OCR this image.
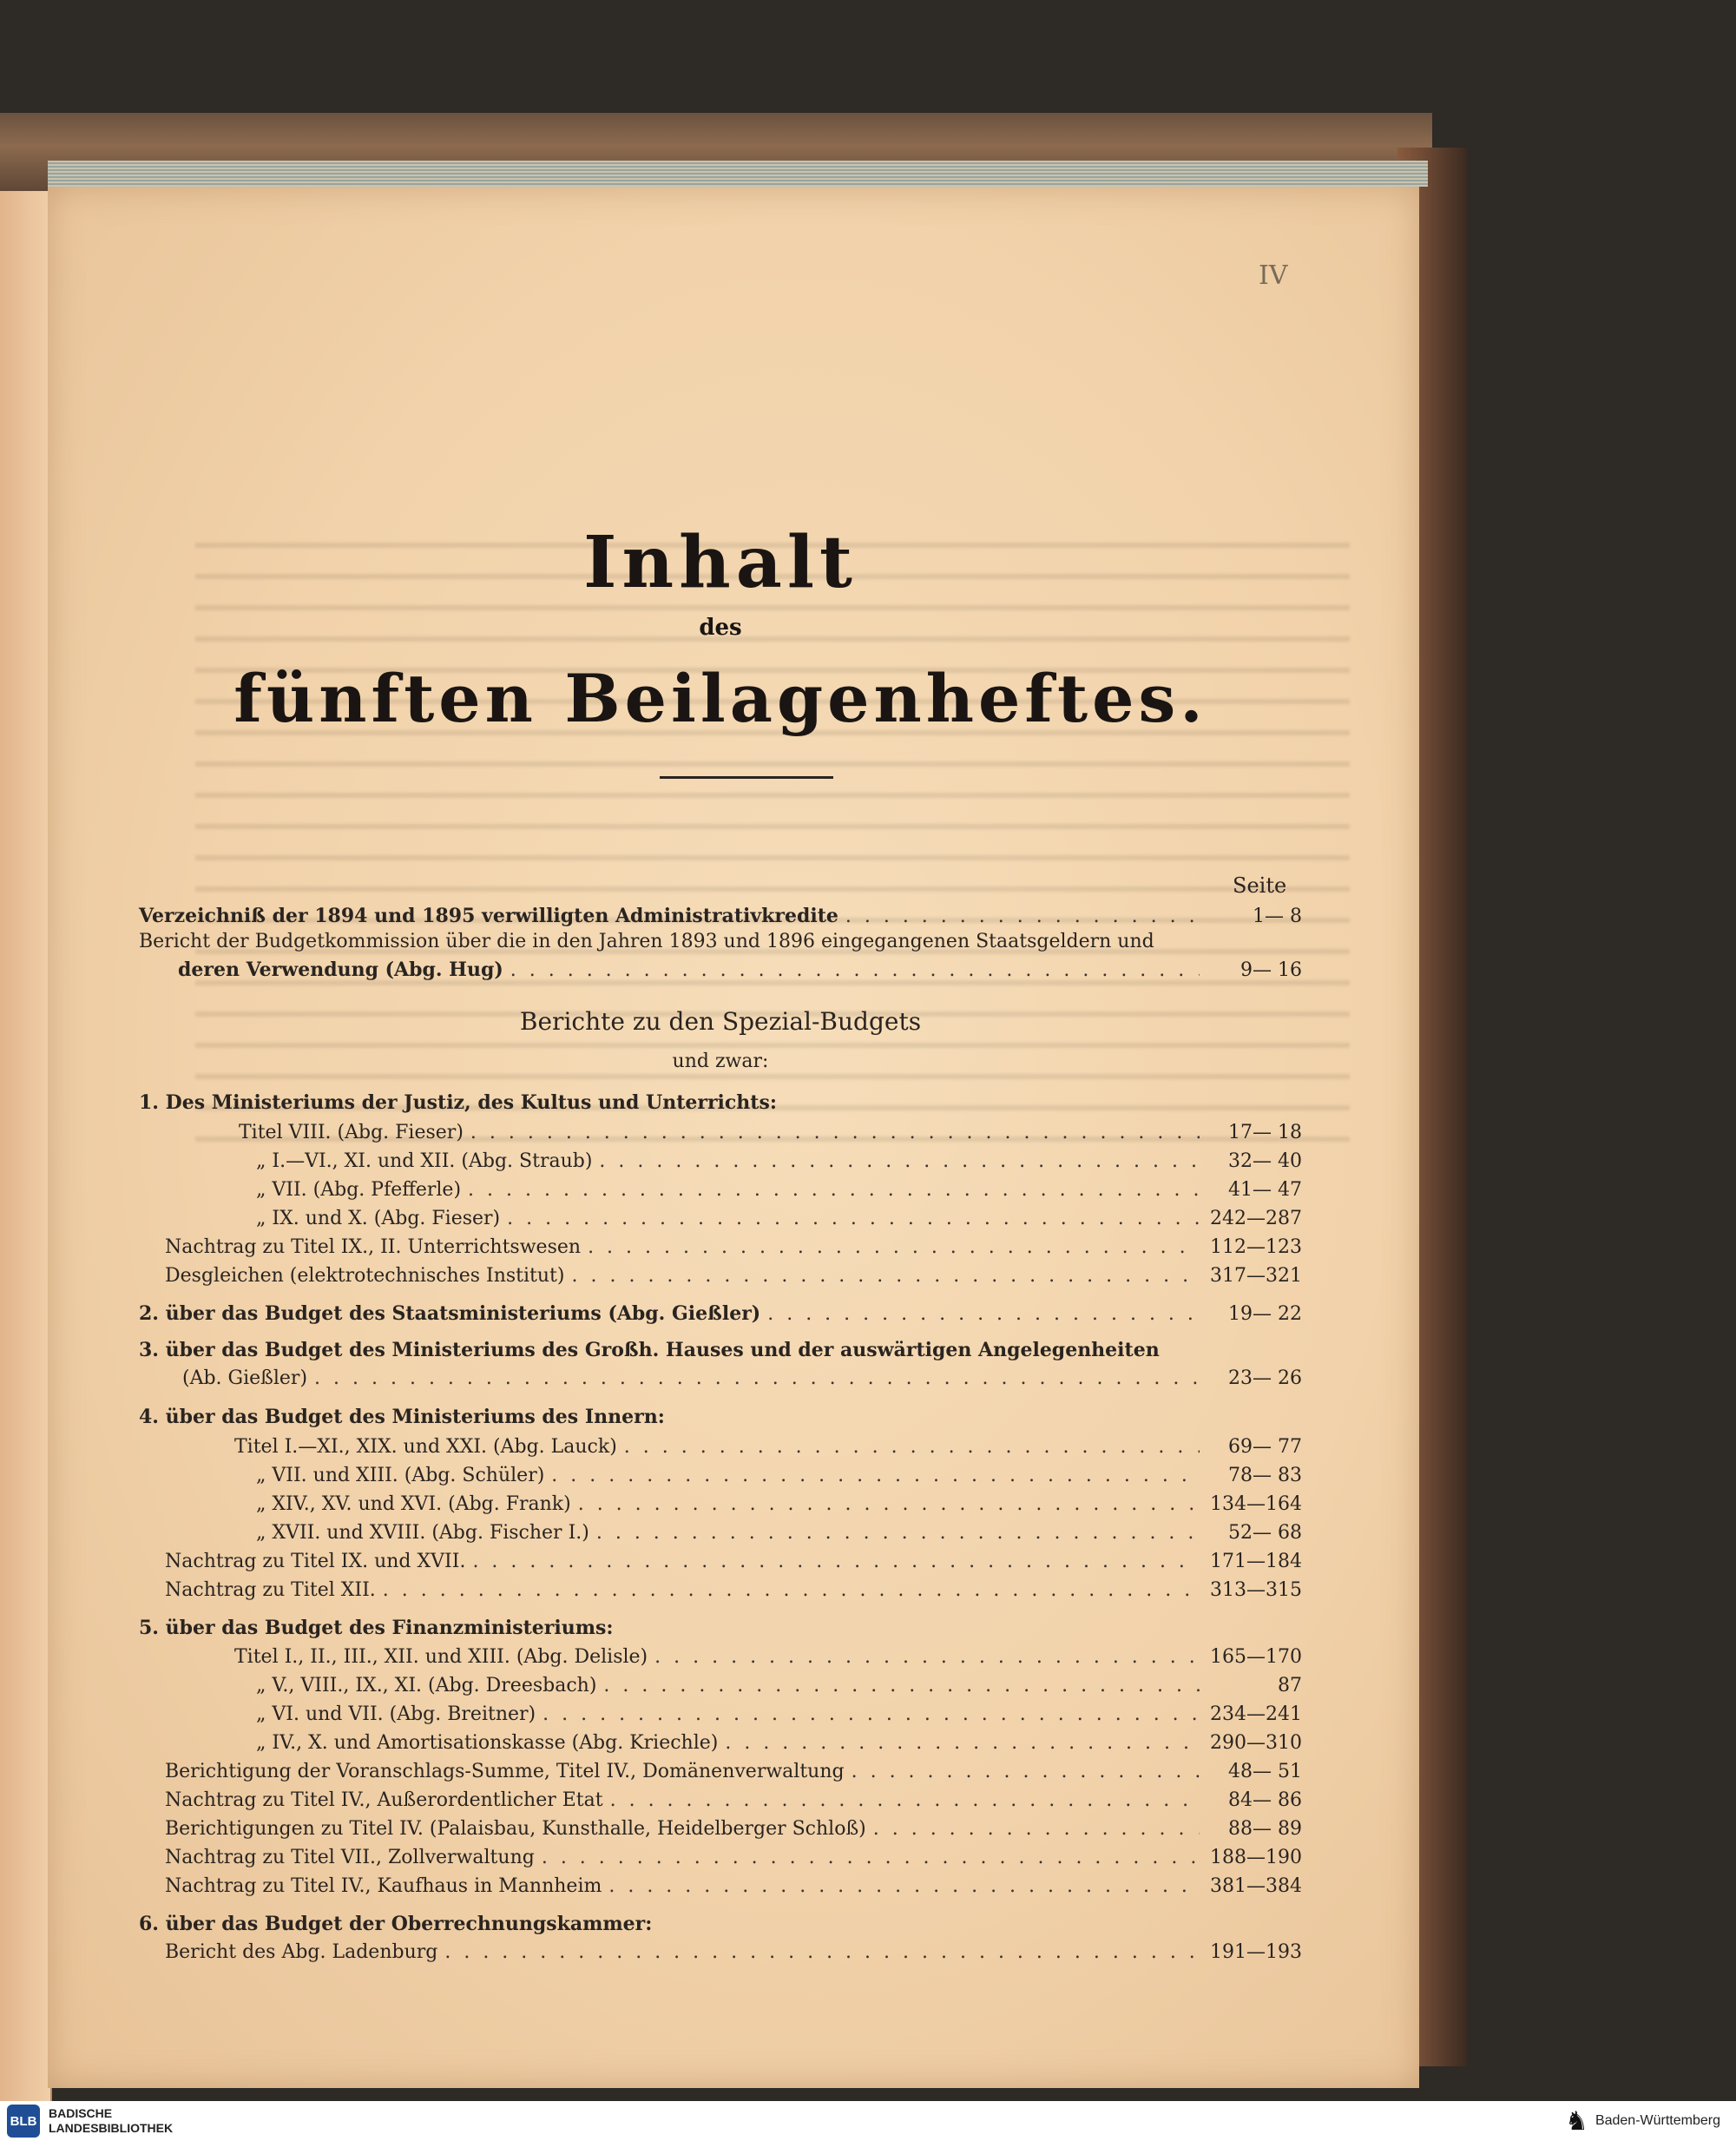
IV
Inhalt
des
fünften Beilagenheftes.
Seite
Verzeichniß der 1894 und 1895 verwilligten Administrativkredite . . .	1— 8
Bericht der Budgetkommission über die in den Jahren 1893 und 1896 eingegangenen Staatsgeldern und
deren Verwendung (Abg. Hug) . . .	9— 16
Berichte zu den Spezial-Budgets
und zwar:
1. Des Ministeriums der Justiz, des Kultus und Unterrichts:
Titel VIII. (Abg. Fieser) . . .	17— 18
„ I.—VI., XI. und XII. (Abg. Straub) . . .	32— 40
„ VII. (Abg. Pfefferle) . . .	41— 47
„ IX. und X. (Abg. Fieser) . . .	242—287
Nachtrag zu Titel IX., II. Unterrichtswesen . . .	112—123
Desgleichen (elektrotechnisches Institut) . . .	317—321
2. über das Budget des Staatsministeriums (Abg. Gießler) . . .	19— 22
3. über das Budget des Ministeriums des Großh. Hauses und der auswärtigen Angelegenheiten
(Ab. Gießler) . . .	23— 26
4. über das Budget des Ministeriums des Innern:
Titel I.—XI., XIX. und XXI. (Abg. Lauck) . . .	69— 77
„ VII. und XIII. (Abg. Schüler) . . .	78— 83
„ XIV., XV. und XVI. (Abg. Frank) . . .	134—164
„ XVII. und XVIII. (Abg. Fischer I.) . . .	52— 68
Nachtrag zu Titel IX. und XVII. . . .	171—184
Nachtrag zu Titel XII. . . .	313—315
5. über das Budget des Finanzministeriums:
Titel I., II., III., XII. und XIII. (Abg. Delisle) . . .	165—170
„ V., VIII., IX., XI. (Abg. Dreesbach) . . .	87
„ VI. und VII. (Abg. Breitner) . . .	234—241
„ IV., X. und Amortisationskasse (Abg. Kriechle) . . .	290—310
Berichtigung der Voranschlags-Summe, Titel IV., Domänenverwaltung . . .	48— 51
Nachtrag zu Titel IV., Außerordentlicher Etat . . .	84— 86
Berichtigungen zu Titel IV. (Palaisbau, Kunsthalle, Heidelberger Schloß) . . .	88— 89
Nachtrag zu Titel VII., Zollverwaltung . . .	188—190
Nachtrag zu Titel IV., Kaufhaus in Mannheim . . .	381—384
6. über das Budget der Oberrechnungskammer:
Bericht des Abg. Ladenburg . . .	191—193
BLB
BADISCHE
LANDESBIBLIOTHEK	♞ Baden-Württemberg
